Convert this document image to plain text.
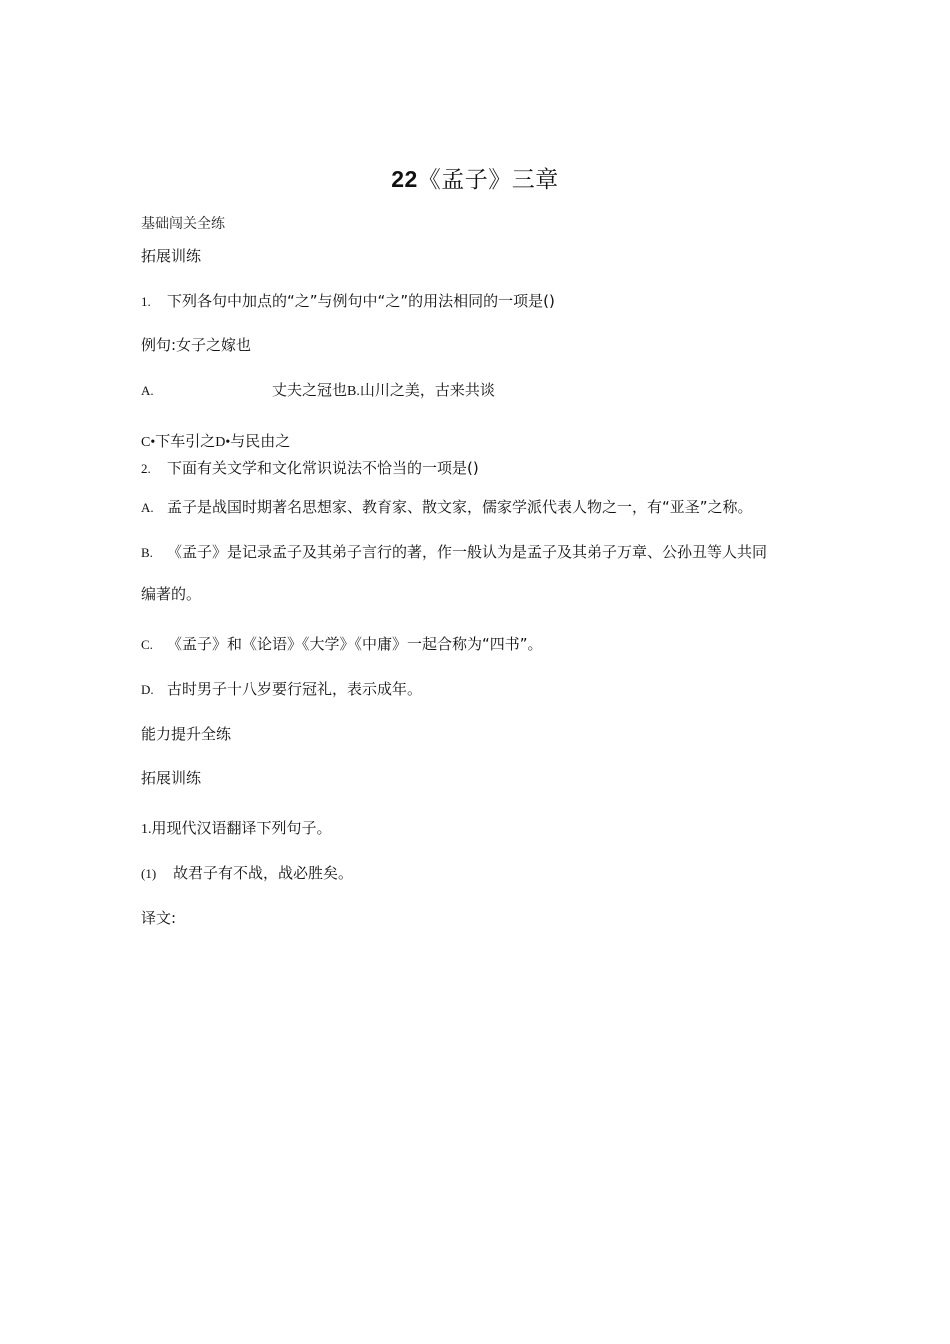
22《孟子》三章
基础闯关全练
拓展训练
1. 下列各句中加点的“之”与例句中“之”的用法相同的一项是()
例句:女子之嫁也
A.	丈夫之冠也B.山川之美，古来共谈
C•下车引之D•与民由之
2. 下面有关文学和文化常识说法不恰当的一项是()
A. 孟子是战国时期著名思想家、教育家、散文家，儒家学派代表人物之一，有“亚圣”之称。
B. 《孟子》是记录孟子及其弟子言行的著，作一般认为是孟子及其弟子万章、公孙丑等人共同
编著的。
C. 《孟子》和《论语》《大学》《中庸》一起合称为“四书”。
D. 古时男子十八岁要行冠礼，表示成年。
能力提升全练
拓展训练
1.用现代汉语翻译下列句子。
(1) 故君子有不战，战必胜矣。
译文:
